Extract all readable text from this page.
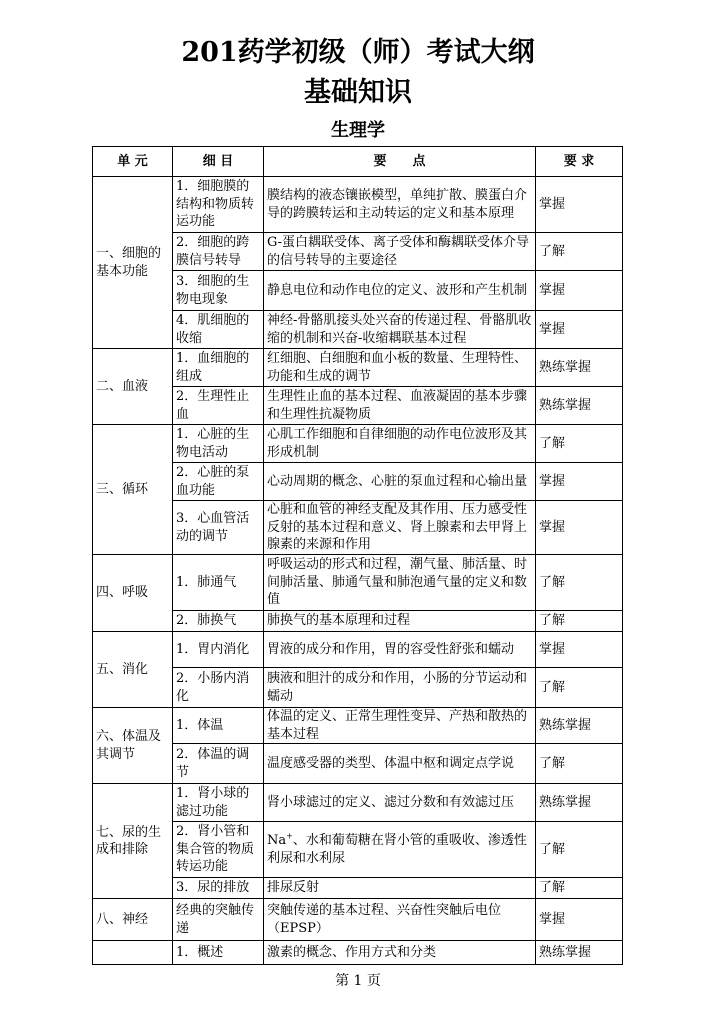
201药学初级（师）考试大纲
基础知识
生理学
单 元	细 目	要　　点	要 求
一、细胞的基本功能	1．细胞膜的结构和物质转运功能	膜结构的液态镶嵌模型，单纯扩散、膜蛋白介导的跨膜转运和主动转运的定义和基本原理	掌握
	2．细胞的跨膜信号转导	G-蛋白耦联受体、离子受体和酶耦联受体介导的信号转导的主要途径	了解
	3．细胞的生物电现象	静息电位和动作电位的定义、波形和产生机制	掌握
	4．肌细胞的收缩	神经-骨骼肌接头处兴奋的传递过程、骨骼肌收缩的机制和兴奋-收缩耦联基本过程	掌握
二、血液	1．血细胞的组成	红细胞、白细胞和血小板的数量、生理特性、功能和生成的调节	熟练掌握
	2．生理性止血	生理性止血的基本过程、血液凝固的基本步骤和生理性抗凝物质	熟练掌握
三、循环	1．心脏的生物电活动	心肌工作细胞和自律细胞的动作电位波形及其形成机制	了解
	2．心脏的泵血功能	心动周期的概念、心脏的泵血过程和心输出量	掌握
	3．心血管活动的调节	心脏和血管的神经支配及其作用、压力感受性反射的基本过程和意义、肾上腺素和去甲肾上腺素的来源和作用	掌握
四、呼吸	1．肺通气	呼吸运动的形式和过程，潮气量、肺活量、时间肺活量、肺通气量和肺泡通气量的定义和数值	了解
	2．肺换气	肺换气的基本原理和过程	了解
五、消化	1．胃内消化	胃液的成分和作用，胃的容受性舒张和蠕动	掌握
	2．小肠内消化	胰液和胆汁的成分和作用，小肠的分节运动和蠕动	了解
六、体温及其调节	1．体温	体温的定义、正常生理性变异、产热和散热的基本过程	熟练掌握
	2．体温的调节	温度感受器的类型、体温中枢和调定点学说	了解
七、尿的生成和排除	1．肾小球的滤过功能	肾小球滤过的定义、滤过分数和有效滤过压	熟练掌握
	2．肾小管和集合管的物质转运功能	Na+、水和葡萄糖在肾小管的重吸收、渗透性利尿和水利尿	了解
	3．尿的排放	排尿反射	了解
八、神经	经典的突触传递	突触传递的基本过程、兴奋性突触后电位（EPSP）	掌握
	1．概述	激素的概念、作用方式和分类	熟练掌握
第 1 页
